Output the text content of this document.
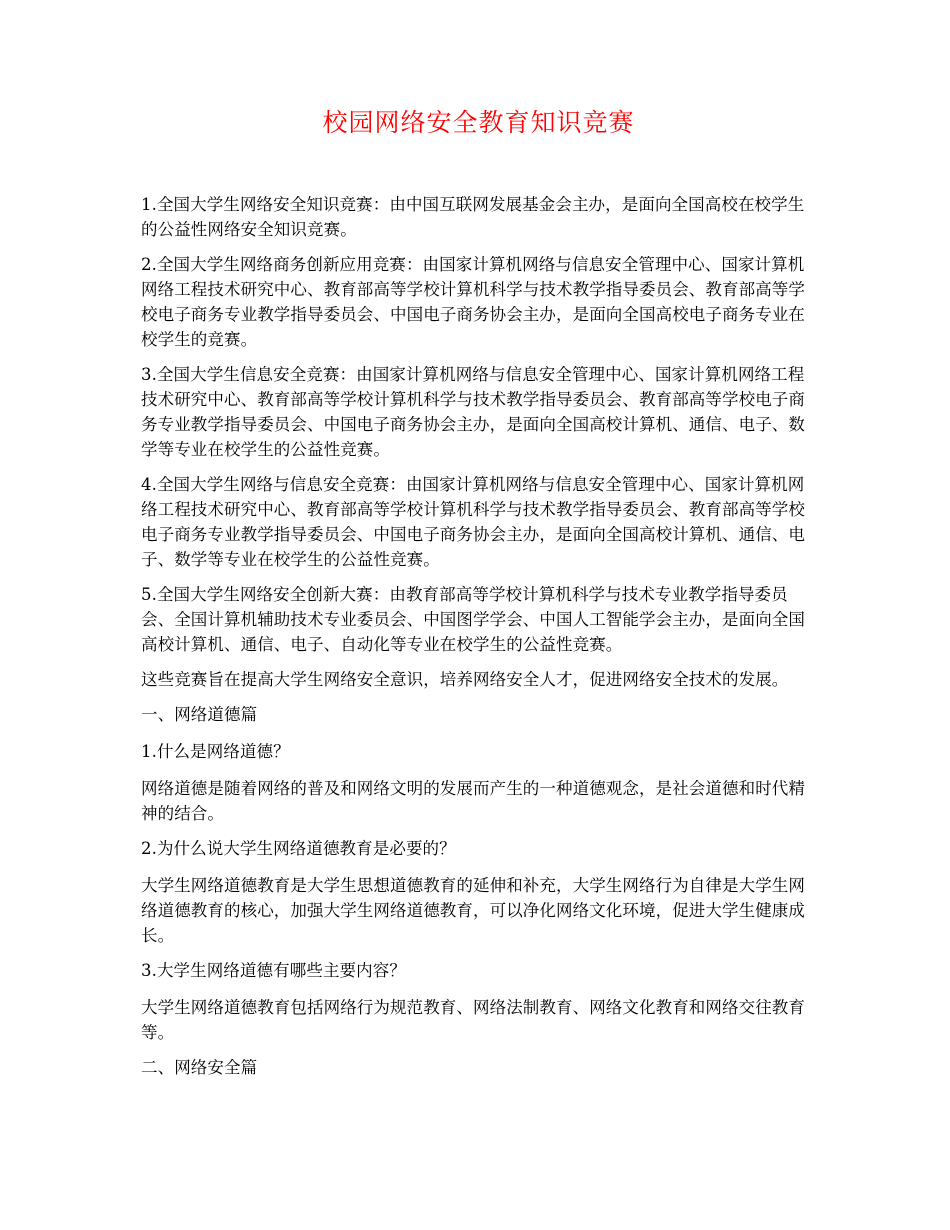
校园网络安全教育知识竞赛

1.全国大学生网络安全知识竞赛：由中国互联网发展基金会主办，是面向全国高校在校学生的公益性网络安全知识竞赛。

2.全国大学生网络商务创新应用竞赛：由国家计算机网络与信息安全管理中心、国家计算机网络工程技术研究中心、教育部高等学校计算机科学与技术教学指导委员会、教育部高等学校电子商务专业教学指导委员会、中国电子商务协会主办，是面向全国高校电子商务专业在校学生的竞赛。

3.全国大学生信息安全竞赛：由国家计算机网络与信息安全管理中心、国家计算机网络工程技术研究中心、教育部高等学校计算机科学与技术教学指导委员会、教育部高等学校电子商务专业教学指导委员会、中国电子商务协会主办，是面向全国高校计算机、通信、电子、数学等专业在校学生的公益性竞赛。

4.全国大学生网络与信息安全竞赛：由国家计算机网络与信息安全管理中心、国家计算机网络工程技术研究中心、教育部高等学校计算机科学与技术教学指导委员会、教育部高等学校电子商务专业教学指导委员会、中国电子商务协会主办，是面向全国高校计算机、通信、电子、数学等专业在校学生的公益性竞赛。

5.全国大学生网络安全创新大赛：由教育部高等学校计算机科学与技术专业教学指导委员会、全国计算机辅助技术专业委员会、中国图学学会、中国人工智能学会主办，是面向全国高校计算机、通信、电子、自动化等专业在校学生的公益性竞赛。

这些竞赛旨在提高大学生网络安全意识，培养网络安全人才，促进网络安全技术的发展。

一、网络道德篇

1.什么是网络道德？

网络道德是随着网络的普及和网络文明的发展而产生的一种道德观念，是社会道德和时代精神的结合。

2.为什么说大学生网络道德教育是必要的？

大学生网络道德教育是大学生思想道德教育的延伸和补充，大学生网络行为自律是大学生网络道德教育的核心，加强大学生网络道德教育，可以净化网络文化环境，促进大学生健康成长。

3.大学生网络道德有哪些主要内容？

大学生网络道德教育包括网络行为规范教育、网络法制教育、网络文化教育和网络交往教育等。

二、网络安全篇
